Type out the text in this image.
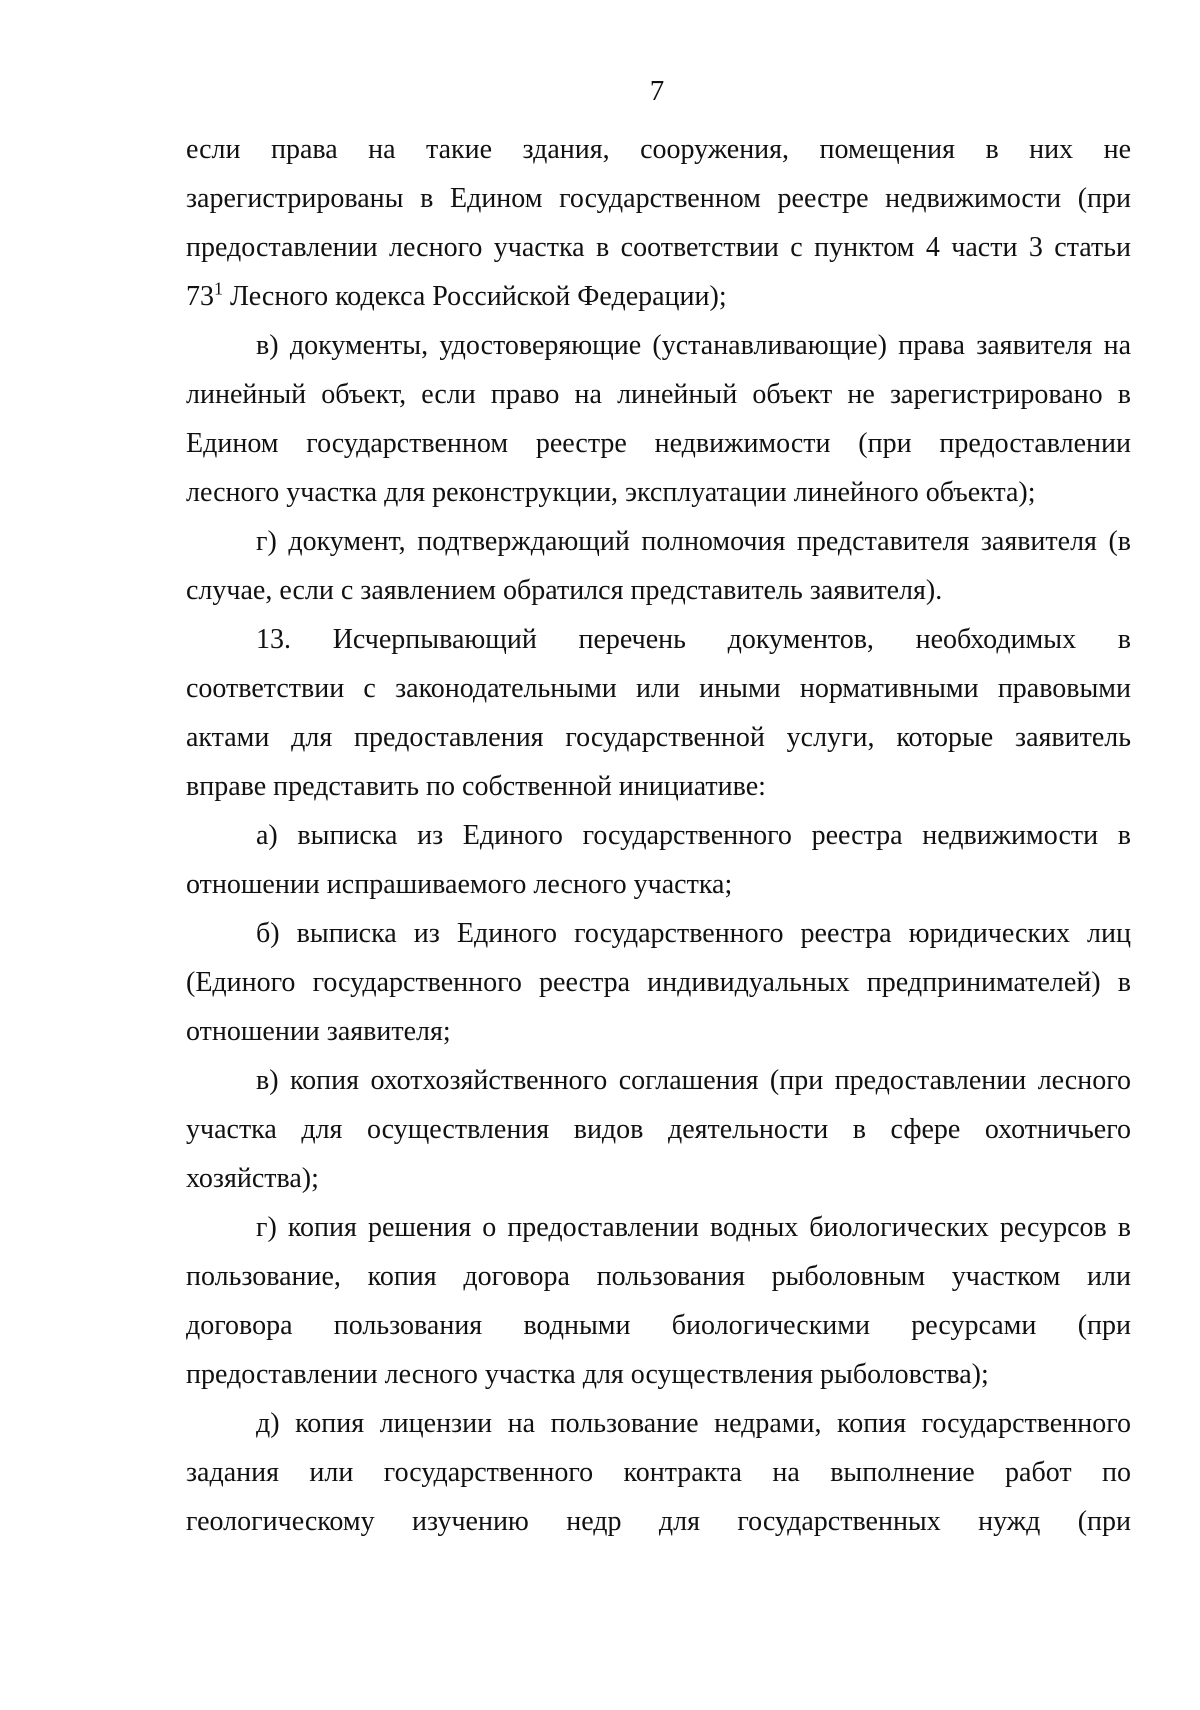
7
если права на такие здания, сооружения, помещения в них не
зарегистрированы в Едином государственном реестре недвижимости (при
предоставлении лесного участка в соответствии с пунктом 4 части 3 статьи
$73^1$ Лесного кодекса Российской Федерации);
в) документы, удостоверяющие (устанавливающие) права заявителя на
линейный объект, если право на линейный объект не зарегистрировано в
Едином государственном реестре недвижимости (при предоставлении
лесного участка для реконструкции, эксплуатации линейного объекта);
г) документ, подтверждающий полномочия представителя заявителя (в
случае, если с заявлением обратился представитель заявителя).
13. Исчерпывающий перечень документов, необходимых в
соответствии с законодательными или иными нормативными правовыми
актами для предоставления государственной услуги, которые заявитель
вправе представить по собственной инициативе:
а) выписка из Единого государственного реестра недвижимости в
отношении испрашиваемого лесного участка;
б) выписка из Единого государственного реестра юридических лиц
(Единого государственного реестра индивидуальных предпринимателей) в
отношении заявителя;
в) копия охотхозяйственного соглашения (при предоставлении лесного
участка для осуществления видов деятельности в сфере охотничьего
хозяйства);
г) копия решения о предоставлении водных биологических ресурсов в
пользование, копия договора пользования рыболовным участком или
договора пользования водными биологическими ресурсами (при
предоставлении лесного участка для осуществления рыболовства);
д) копия лицензии на пользование недрами, копия государственного
задания или государственного контракта на выполнение работ по
геологическому изучению недр для государственных нужд (при
